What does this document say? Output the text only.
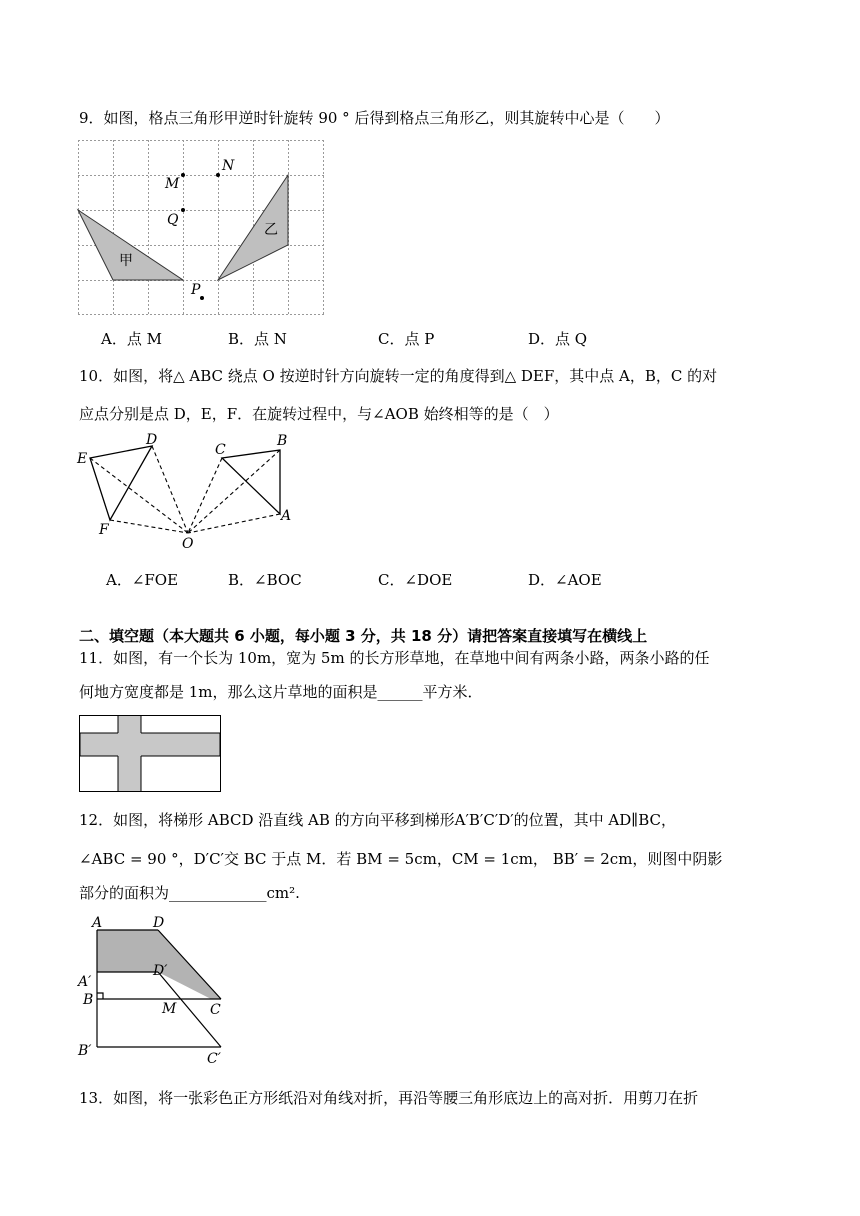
9．如图，格点三角形甲逆时针旋转 90 ° 后得到格点三角形乙，则其旋转中心是（　　）
M
N
Q
P
甲
乙
A．点 M	B．点 N	C．点 P	D．点 Q
10．如图，将△ ABC 绕点 O 按逆时针方向旋转一定的角度得到△ DEF，其中点 A，B，C 的对
应点分别是点 D，E，F．在旋转过程中，与∠AOB 始终相等的是（　）
E
D
F
O
C
B
A
A．∠FOE	B．∠BOC	C．∠DOE	D．∠AOE
二、填空题（本大题共 6 小题，每小题 3 分，共 18 分）请把答案直接填写在横线上
11．如图，有一个长为 10m，宽为 5m 的长方形草地，在草地中间有两条小路，两条小路的任
何地方宽度都是 1m，那么这片草地的面积是______平方米．
12．如图，将梯形 ABCD 沿直线 AB 的方向平移到梯形A′B′C′D′的位置，其中 AD∥BC，
∠ABC = 90 °，D′C′交 BC 于点 M．若 BM = 5cm，CM = 1cm， BB′ = 2cm，则图中阴影
部分的面积为_____________cm².
A	D
A′
D′
B
M C
B′	C′
13．如图，将一张彩色正方形纸沿对角线对折，再沿等腰三角形底边上的高对折．用剪刀在折
